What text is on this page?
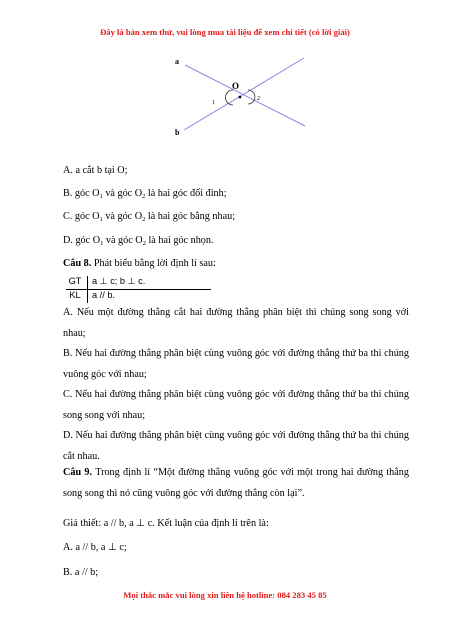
Đây là bản xem thử, vui lòng mua tài liệu để xem chi tiết (có lời giải)
a
b
O
1
2
A. a cắt b tại O;
B. góc $O_1$ và góc $O_2$ là hai góc đối đỉnh;
C. góc $O_1$ và góc $O_2$ là hai góc bằng nhau;
D. góc $O_1$ và góc $O_2$ là hai góc nhọn.
Câu 8. Phát biểu bằng lời định lí sau:
GT	a ⊥ c; b ⊥ c.
KL	a // b.
A. Nếu một đường thẳng cắt hai đường thẳng phân biệt thì chúng song song với nhau;
B. Nếu hai đường thẳng phân biệt cùng vuông góc với đường thẳng thứ ba thì chúng vuông góc với nhau;
C. Nếu hai đường thẳng phân biệt cùng vuông góc với đường thẳng thứ ba thì chúng song song với nhau;
D. Nếu hai đường thẳng phân biệt cùng vuông góc với đường thẳng thứ ba thì chúng cắt nhau.
Câu 9. Trong định lí “Một đường thẳng vuông góc với một trong hai đường thẳng song song thì nó cũng vuông góc với đường thẳng còn lại”.
Giả thiết: a // b, a ⊥ c. Kết luận của định lí trên là:
A. a // b, a ⊥ c;
Mọi thắc mắc vui lòng xin liên hệ hotline: 084 283 45 85
B. a // b;
